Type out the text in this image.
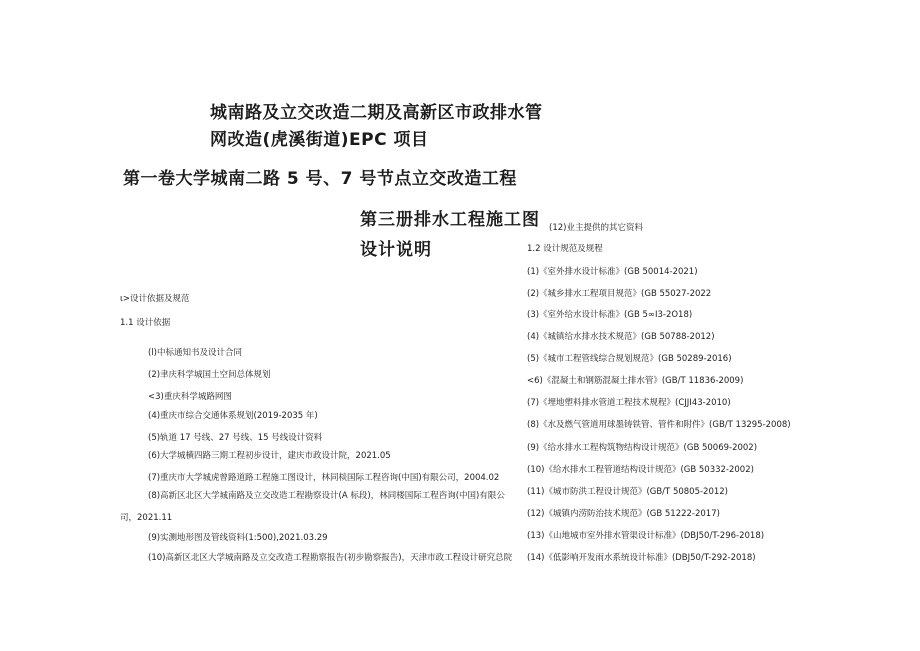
城南路及立交改造二期及高新区市政排水管
网改造(虎溪街道)EPC 项目
第一卷大学城南二路 5 号、7 号节点立交改造工程
第三册排水工程施工图
设计说明
ι>设计依据及规范
1.1 设计依据
(l)中标通知书及设计合同
(2)聿庆科学城国土空间总体规划
<3)重庆科学城路网图
(4)重庆市综合交通体系规划(2019-2035 年)
(5)轨道 17 号线、27 号线、15 号线设计资料
(6)大学城横四路三期工程初步设计，建庆市政设计院，2021.05
(7)重庆市大学城虎曾路道路工程施工图设计，林同棪国际工程咨询(中国)有限公司，2004.02
(8)高新区北区大学城南路及立交改造工程勘察设计(A 标段)，林同楼国际工程咨询(中国)有限公
司，2021.11
(9)实测地形图及管线资料(1:500),2021.03.29
(10)高新区北区大学城南路及立交改造工程勘察报告(初步勘察报告)，天津市政工程设计研究总院
(12)业主提供的其它资料
1.2 设计规范及规程
(1)《室外排水设计标准》(GB 50014-2021)
(2)《城乡排水工程项目规范》(GB 55027-2022
(3)《室外给水设计标准》(GB 5∞I3-2O18)
(4)《城镇给水排水技术规范》(GB 50788-2012)
(5)《城市工程管线综合规划规范》(GB 50289-2016)
<6)《混凝土和钢筋混凝土排水管》(GB/T 11836-2009)
(7)《埋地塑料排水管道工程技术规程》(CJJI43-2010)
(8)《水及燃气管道用球墨铸铁管、管件和附件》(GB/T 13295-2008)
(9)《给水排水工程构筑物结构设计规范》(GB 50069-2002)
(10)《给水排水工程管道结构设计规范》(GB 50332-2002)
(11)《城市防洪工程设计规范》(GB/T 50805-2012)
(12)《城镇内涝防治技术规范》(GB 51222-2017)
(13)《山地城市室外排水管渠设计标准》(DBJ50/T-296-2018)
(14)《低影响开发雨水系统设计标准》(DBJ50/T-292-2018)
